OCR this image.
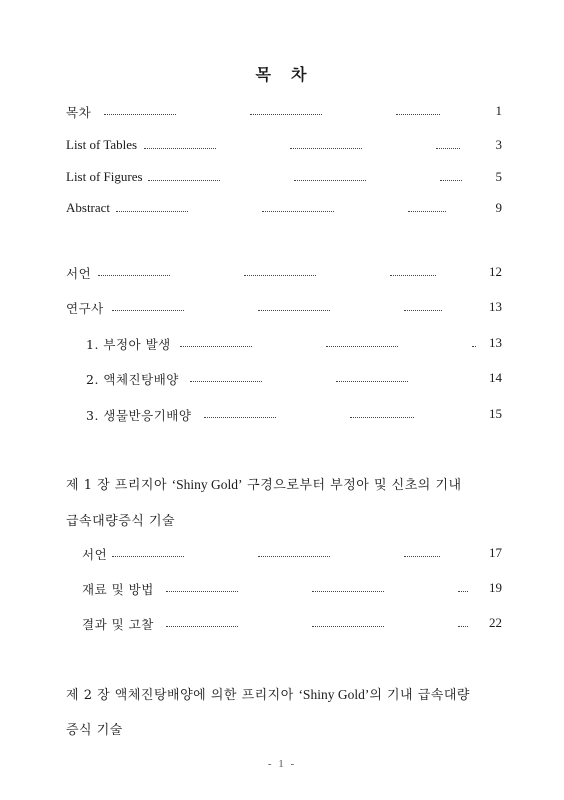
목 차
목차	1
List of Tables	3
List of Figures	5
Abstract	9
서언	12
연구사	13
1. 부정아 발생	13
2. 액체진탕배양	14
3. 생물반응기배양	15
제 1 장 프리지아 ‘Shiny Gold’ 구경으로부터 부정아 및 신초의 기내
급속대량증식 기술
서언	17
재료 및 방법	19
결과 및 고찰	22
제 2 장 액체진탕배양에 의한 프리지아 ‘Shiny Gold’의 기내 급속대량
증식 기술
- 1 -
